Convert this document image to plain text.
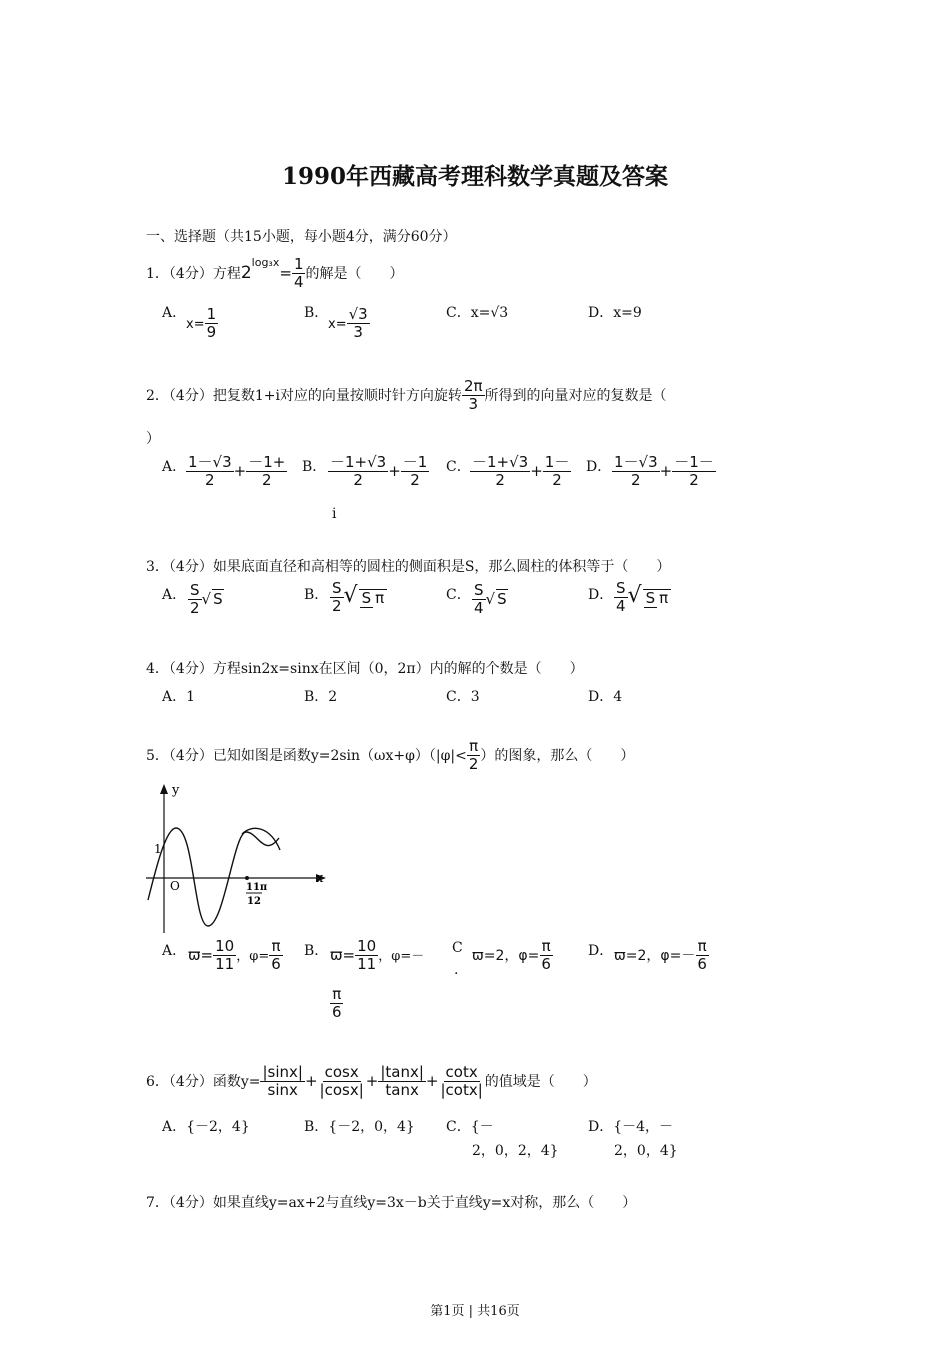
1990年西藏高考理科数学真题及答案
一、选择题（共15小题，每小题4分，满分60分）
1．（4分）方程$2^{log_3x}= \frac{1}{4}$ 的解是（　　）
A．
$x= \frac{1}{9}$	B．
$x= \frac{√3}{3}$	C．x=√3	D．x=9
2．（4分）把复数1+i对应的向量按顺时针方向旋转 $\frac{2\pi}{3}$ 所得到的向量对应的复数是（
）
A． $\frac{1-√3}{2} + \frac{-1+}{2}$ B． $\frac{-1+√3}{2} + \frac{-1}{2}$
i
C． $\frac{-1+√3}{2} + \frac{1-}{2}$ D． $\frac{1-√3}{2} + \frac{-1-}{2}$
3．（4分）如果底面直径和高相等的圆柱的侧面积是S，那么圆柱的体积等于（　　）
A． $\frac{S}{2}$ √ S	B． $\frac{S}{2}$ √ S π	C． $\frac{S}{4}$ √ S	D． $\frac{S}{4}$ √ S π
4．（4分）方程sin2x=sinx在区间（0，2π）内的解的个数是（　　）
A．1	B．2	C．3	D．4
5．（4分）已知如图是函数$y=2\sin(\omega x+\varphi)(|\varphi|< \frac{\pi}{2}$ ）的图象，那么（　　）
y
x
1
O	11π
12
A． $ϖ= \frac{10}{11}$ ，$\varphi= \frac{\pi}{6}$ B． $ϖ= \frac{10}{11}$ ，φ=－
$\frac{\pi}{6}$
C
.
ϖ=2，$\varphi= \frac{\pi}{6}$	D． ϖ=2，$\varphi=- \frac{\pi}{6}$
6．（4分）函数$y= \frac{|\sin x|}{\sin x} + \frac{\cos x}{|\cos x|} + \frac{|\tan x|}{\tan x} + \frac{\cot x}{|\cot x|}$ 的值域是（　　）
A．{－2，4}	B．{－2，0，4} C．{－
2，0，2，4}
D．{－4，－
2，0，4}
7．（4分）如果直线y=ax+2与直线y=3x－b关于直线y=x对称，那么（　　）
第1页 | 共16页
